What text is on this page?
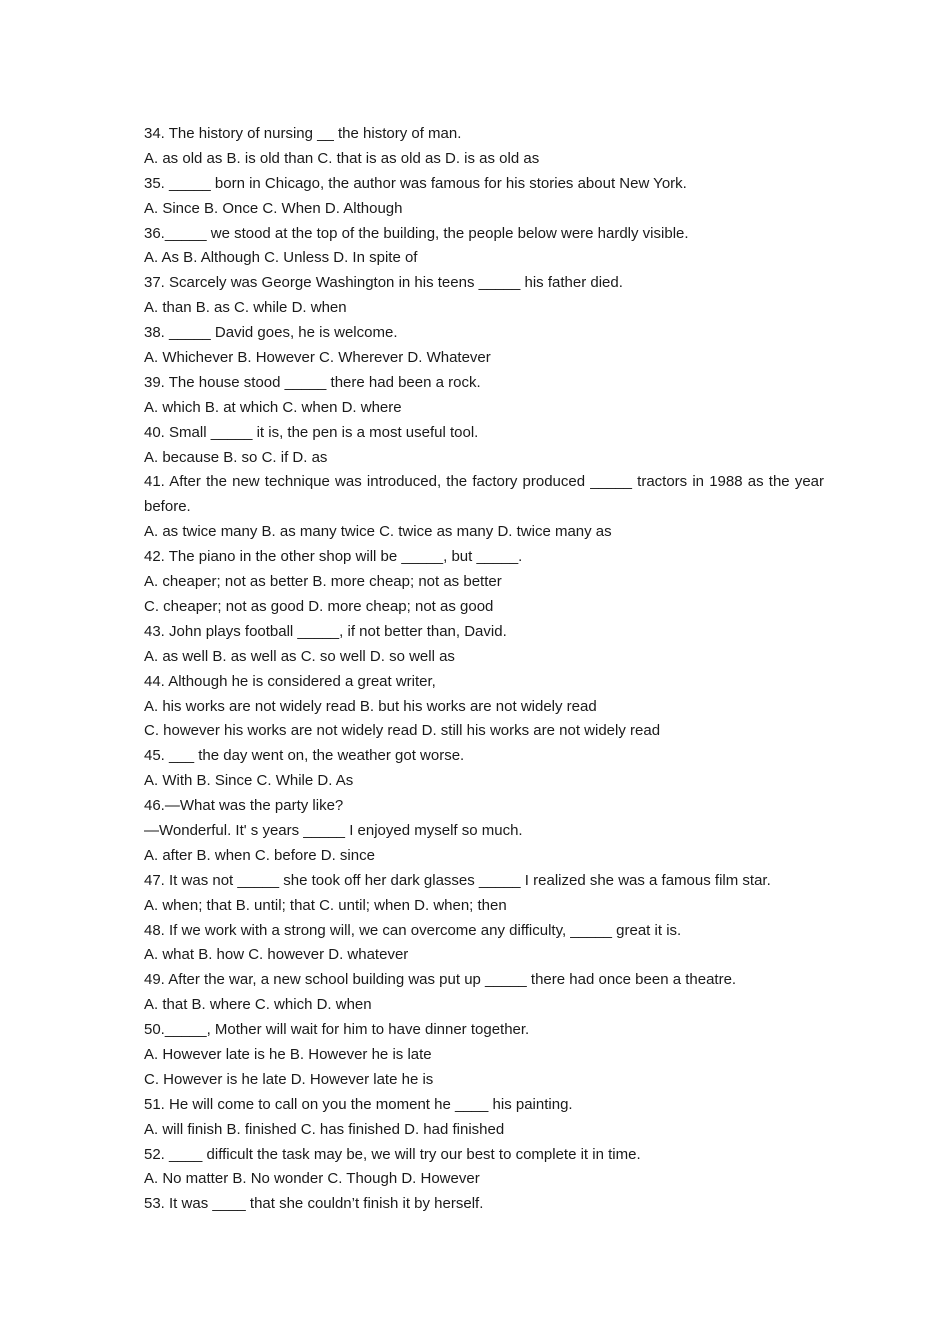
34. The history of nursing __ the history of man.
A. as old as B. is old than C. that is as old as D. is as old as
35. _____ born in Chicago, the author was famous for his stories about New York.
A. Since B. Once C. When D. Although
36._____ we stood at the top of the building, the people below were hardly visible.
A. As B. Although C. Unless D. In spite of
37. Scarcely was George Washington in his teens _____ his father died.
A. than B. as C. while D. when
38. _____ David goes, he is welcome.
A. Whichever B. However C. Wherever D. Whatever
39. The house stood _____ there had been a rock.
A. which B. at which C. when D. where
40. Small _____ it is, the pen is a most useful tool.
A. because B. so C. if D. as
41. After the new technique was introduced, the factory produced _____ tractors in 1988 as the year before.
A. as twice many B. as many twice C. twice as many D. twice many as
42. The piano in the other shop will be _____, but _____.
A. cheaper; not as better B. more cheap; not as better
C. cheaper; not as good D. more cheap; not as good
43. John plays football _____, if not better than, David.
A. as well B. as well as C. so well D. so well as
44. Although he is considered a great writer,
A. his works are not widely read B. but his works are not widely read
C. however his works are not widely read D. still his works are not widely read
45. ___ the day went on, the weather got worse.
A. With B. Since C. While D. As
46.—What was the party like?
—Wonderful. It' s years _____ I enjoyed myself so much.
A. after B. when C. before D. since
47. It was not _____ she took off her dark glasses _____ I realized she was a famous film star.
A. when; that B. until; that C. until; when D. when; then
48. If we work with a strong will, we can overcome any difficulty, _____ great it is.
A. what B. how C. however D. whatever
49. After the war, a new school building was put up _____ there had once been a theatre.
A. that B. where C. which D. when
50._____, Mother will wait for him to have dinner together.
A. However late is he B. However he is late
C. However is he late D. However late he is
51. He will come to call on you the moment he ____ his painting.
A. will finish B. finished C. has finished D. had finished
52. ____ difficult the task may be, we will try our best to complete it in time.
A. No matter B. No wonder C. Though D. However
53. It was ____ that she couldn’t finish it by herself.
